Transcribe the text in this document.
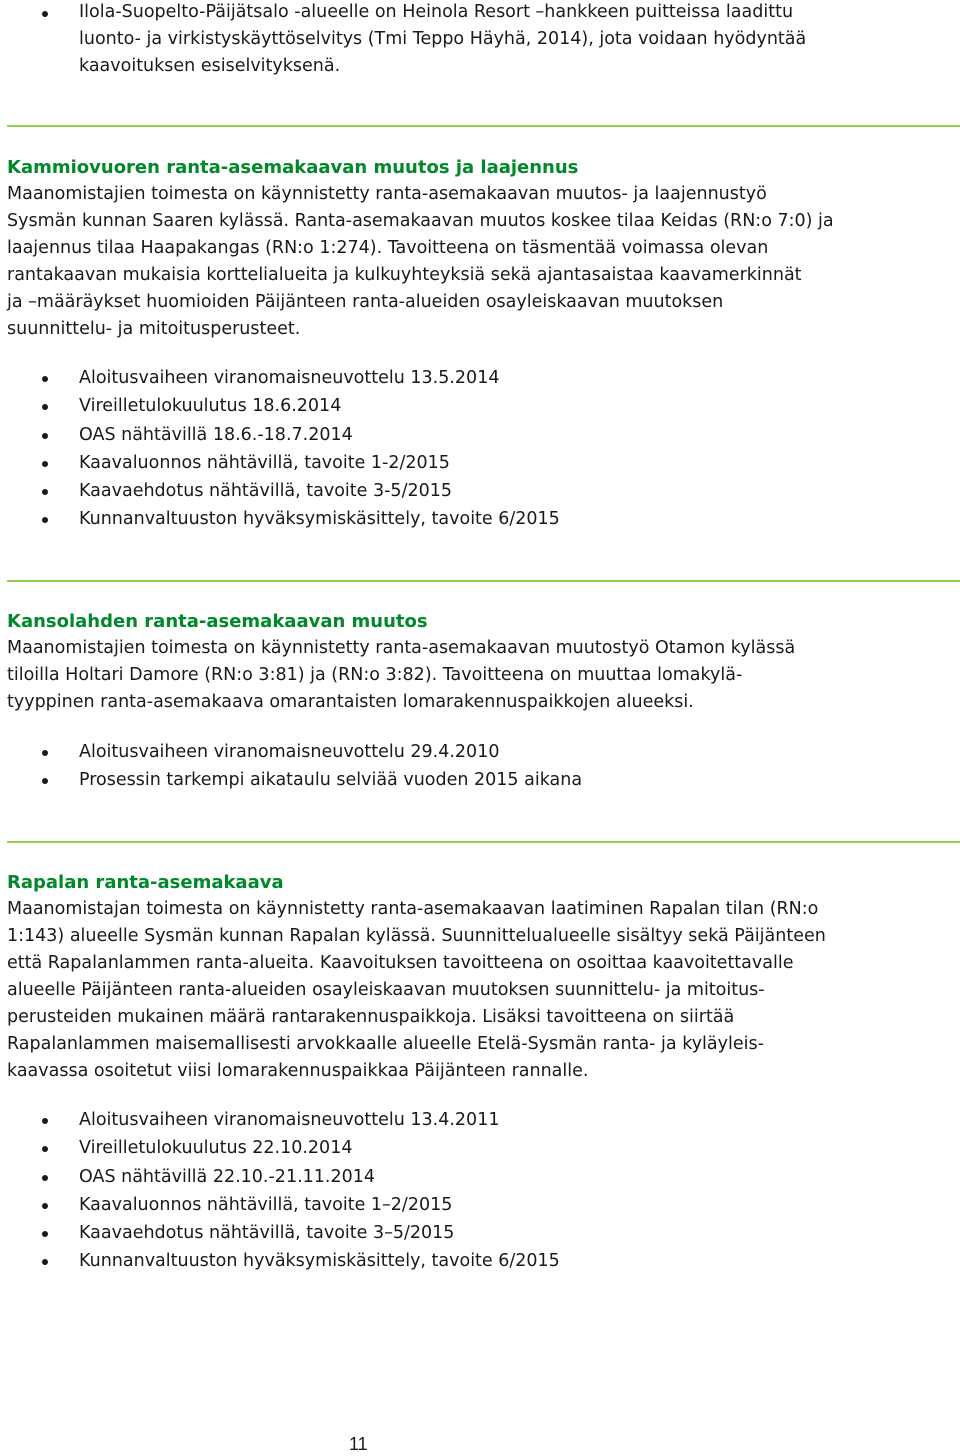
Ilola-Suopelto-Päijätsalo -alueelle on Heinola Resort –hankkeen puitteissa laadittu
luonto- ja virkistyskäyttöselvitys (Tmi Teppo Häyhä, 2014), jota voidaan hyödyntää
kaavoituksen esiselvityksenä.
Kammiovuoren ranta-asemakaavan muutos ja laajennus

Maanomistajien toimesta on käynnistetty ranta-asemakaavan muutos- ja laajennustyö
Sysmän kunnan Saaren kylässä. Ranta-asemakaavan muutos koskee tilaa Keidas (RN:o 7:0) ja
laajennus tilaa Haapakangas (RN:o 1:274). Tavoitteena on täsmentää voimassa olevan
rantakaavan mukaisia korttelialueita ja kulkuyhteyksiä sekä ajantasaistaa kaavamerkinnät
ja –määräykset huomioiden Päijänteen ranta-alueiden osayleiskaavan muutoksen
suunnittelu- ja mitoitusperusteet.

Aloitusvaiheen viranomaisneuvottelu 13.5.2014
Vireilletulokuulutus 18.6.2014
OAS nähtävillä 18.6.-18.7.2014
Kaavaluonnos nähtävillä, tavoite 1-2/2015
Kaavaehdotus nähtävillä, tavoite 3-5/2015
Kunnanvaltuuston hyväksymiskäsittely, tavoite 6/2015
Kansolahden ranta-asemakaavan muutos

Maanomistajien toimesta on käynnistetty ranta-asemakaavan muutostyö Otamon kylässä
tiloilla Holtari Damore (RN:o 3:81) ja (RN:o 3:82). Tavoitteena on muuttaa lomakylä-
tyyppinen ranta-asemakaava omarantaisten lomarakennuspaikkojen alueeksi.

Aloitusvaiheen viranomaisneuvottelu 29.4.2010
Prosessin tarkempi aikataulu selviää vuoden 2015 aikana
Rapalan ranta-asemakaava

Maanomistajan toimesta on käynnistetty ranta-asemakaavan laatiminen Rapalan tilan (RN:o
1:143) alueelle Sysmän kunnan Rapalan kylässä. Suunnittelualueelle sisältyy sekä Päijänteen
että Rapalanlammen ranta-alueita. Kaavoituksen tavoitteena on osoittaa kaavoitettavalle
alueelle Päijänteen ranta-alueiden osayleiskaavan muutoksen suunnittelu- ja mitoitus-
perusteiden mukainen määrä rantarakennuspaikkoja. Lisäksi tavoitteena on siirtää
Rapalanlammen maisemallisesti arvokkaalle alueelle Etelä-Sysmän ranta- ja kyläyleis-
kaavassa osoitetut viisi lomarakennuspaikkaa Päijänteen rannalle.

Aloitusvaiheen viranomaisneuvottelu 13.4.2011
Vireilletulokuulutus 22.10.2014
OAS nähtävillä 22.10.-21.11.2014
Kaavaluonnos nähtävillä, tavoite 1–2/2015
Kaavaehdotus nähtävillä, tavoite 3–5/2015
Kunnanvaltuuston hyväksymiskäsittely, tavoite 6/2015
11
